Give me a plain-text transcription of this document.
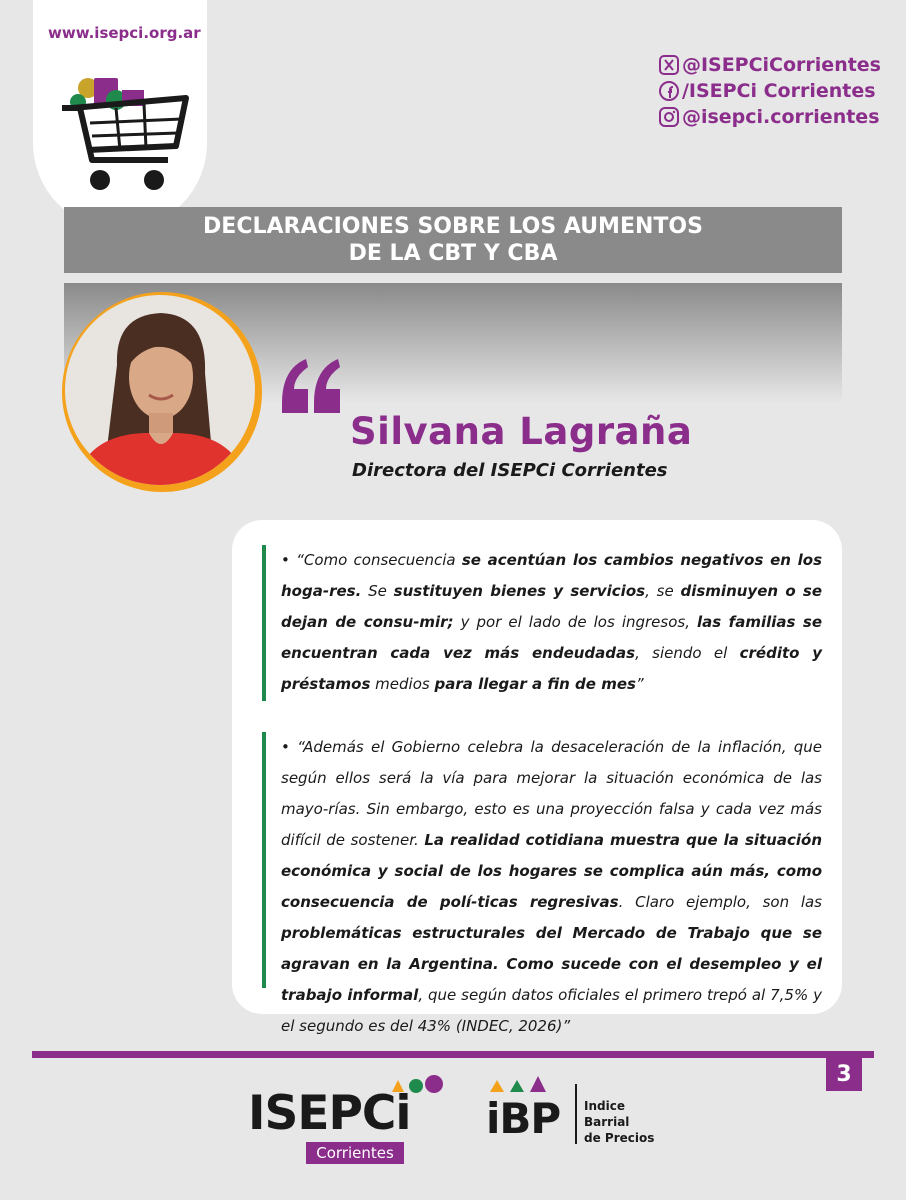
www.isepci.org.ar
@ISEPCiCorrientes
/ISEPCi Corrientes
@isepci.corrientes
DECLARACIONES SOBRE LOS AUMENTOS
DE LA CBT Y CBA
Silvana Lagraña
Directora del ISEPCi Corrientes
• “Como consecuencia se acentúan los cambios negativos en los hoga-res. Se sustituyen bienes y servicios, se disminuyen o se dejan de consu-mir; y por el lado de los ingresos, las familias se encuentran cada vez más endeudadas, siendo el crédito y préstamos medios para llegar a fin de mes”
• “Además el Gobierno celebra la desaceleración de la inflación, que según ellos será la vía para mejorar la situación económica de las mayo-rías. Sin embargo, esto es una proyección falsa y cada vez más difícil de sostener. La realidad cotidiana muestra que la situación económica y social de los hogares se complica aún más, como consecuencia de polí-ticas regresivas. Claro ejemplo, son las problemáticas estructurales del Mercado de Trabajo que se agravan en la Argentina. Como sucede con el desempleo y el trabajo informal, que según datos oficiales el primero trepó al 7,5% y el segundo es del 43% (INDEC, 2026)”
3
ISEPCi
Corrientes
iBP Indice
Barrial
de Precios
